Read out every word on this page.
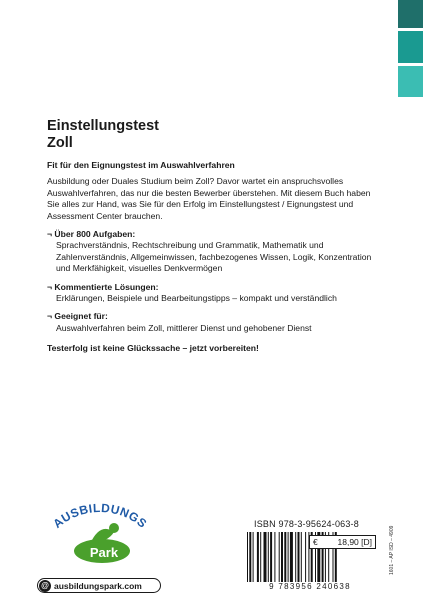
Einstellungstest
Zoll
Fit für den Eignungstest im Auswahlverfahren
Ausbildung oder Duales Studium beim Zoll? Davor wartet ein anspruchsvolles Auswahlverfahren, das nur die besten Bewerber überstehen. Mit diesem Buch haben Sie alles zur Hand, was Sie für den Erfolg im Einstellungstest / Eignungstest und Assessment Center brauchen.
¬ Über 800 Aufgaben:
Sprachverständnis, Rechtschreibung und Grammatik, Mathematik und Zahlenverständnis, Allgemeinwissen, fachbezogenes Wissen, Logik, Konzentration und Merkfähigkeit, visuelles Denkvermögen
¬ Kommentierte Lösungen:
Erklärungen, Beispiele und Bearbeitungstipps – kompakt und verständlich
¬ Geeignet für:
Auswahlverfahren beim Zoll, mittlerer Dienst und gehobener Dienst
Testerfolg ist keine Glückssache – jetzt vorbereiten!
AUSBILDUNGS
Park
@ ausbildungspark.com
ISBN 978-3-95624-063-8
9 783956 240638
€ 18,90 [D]	1601 – AP ISD – 4909
